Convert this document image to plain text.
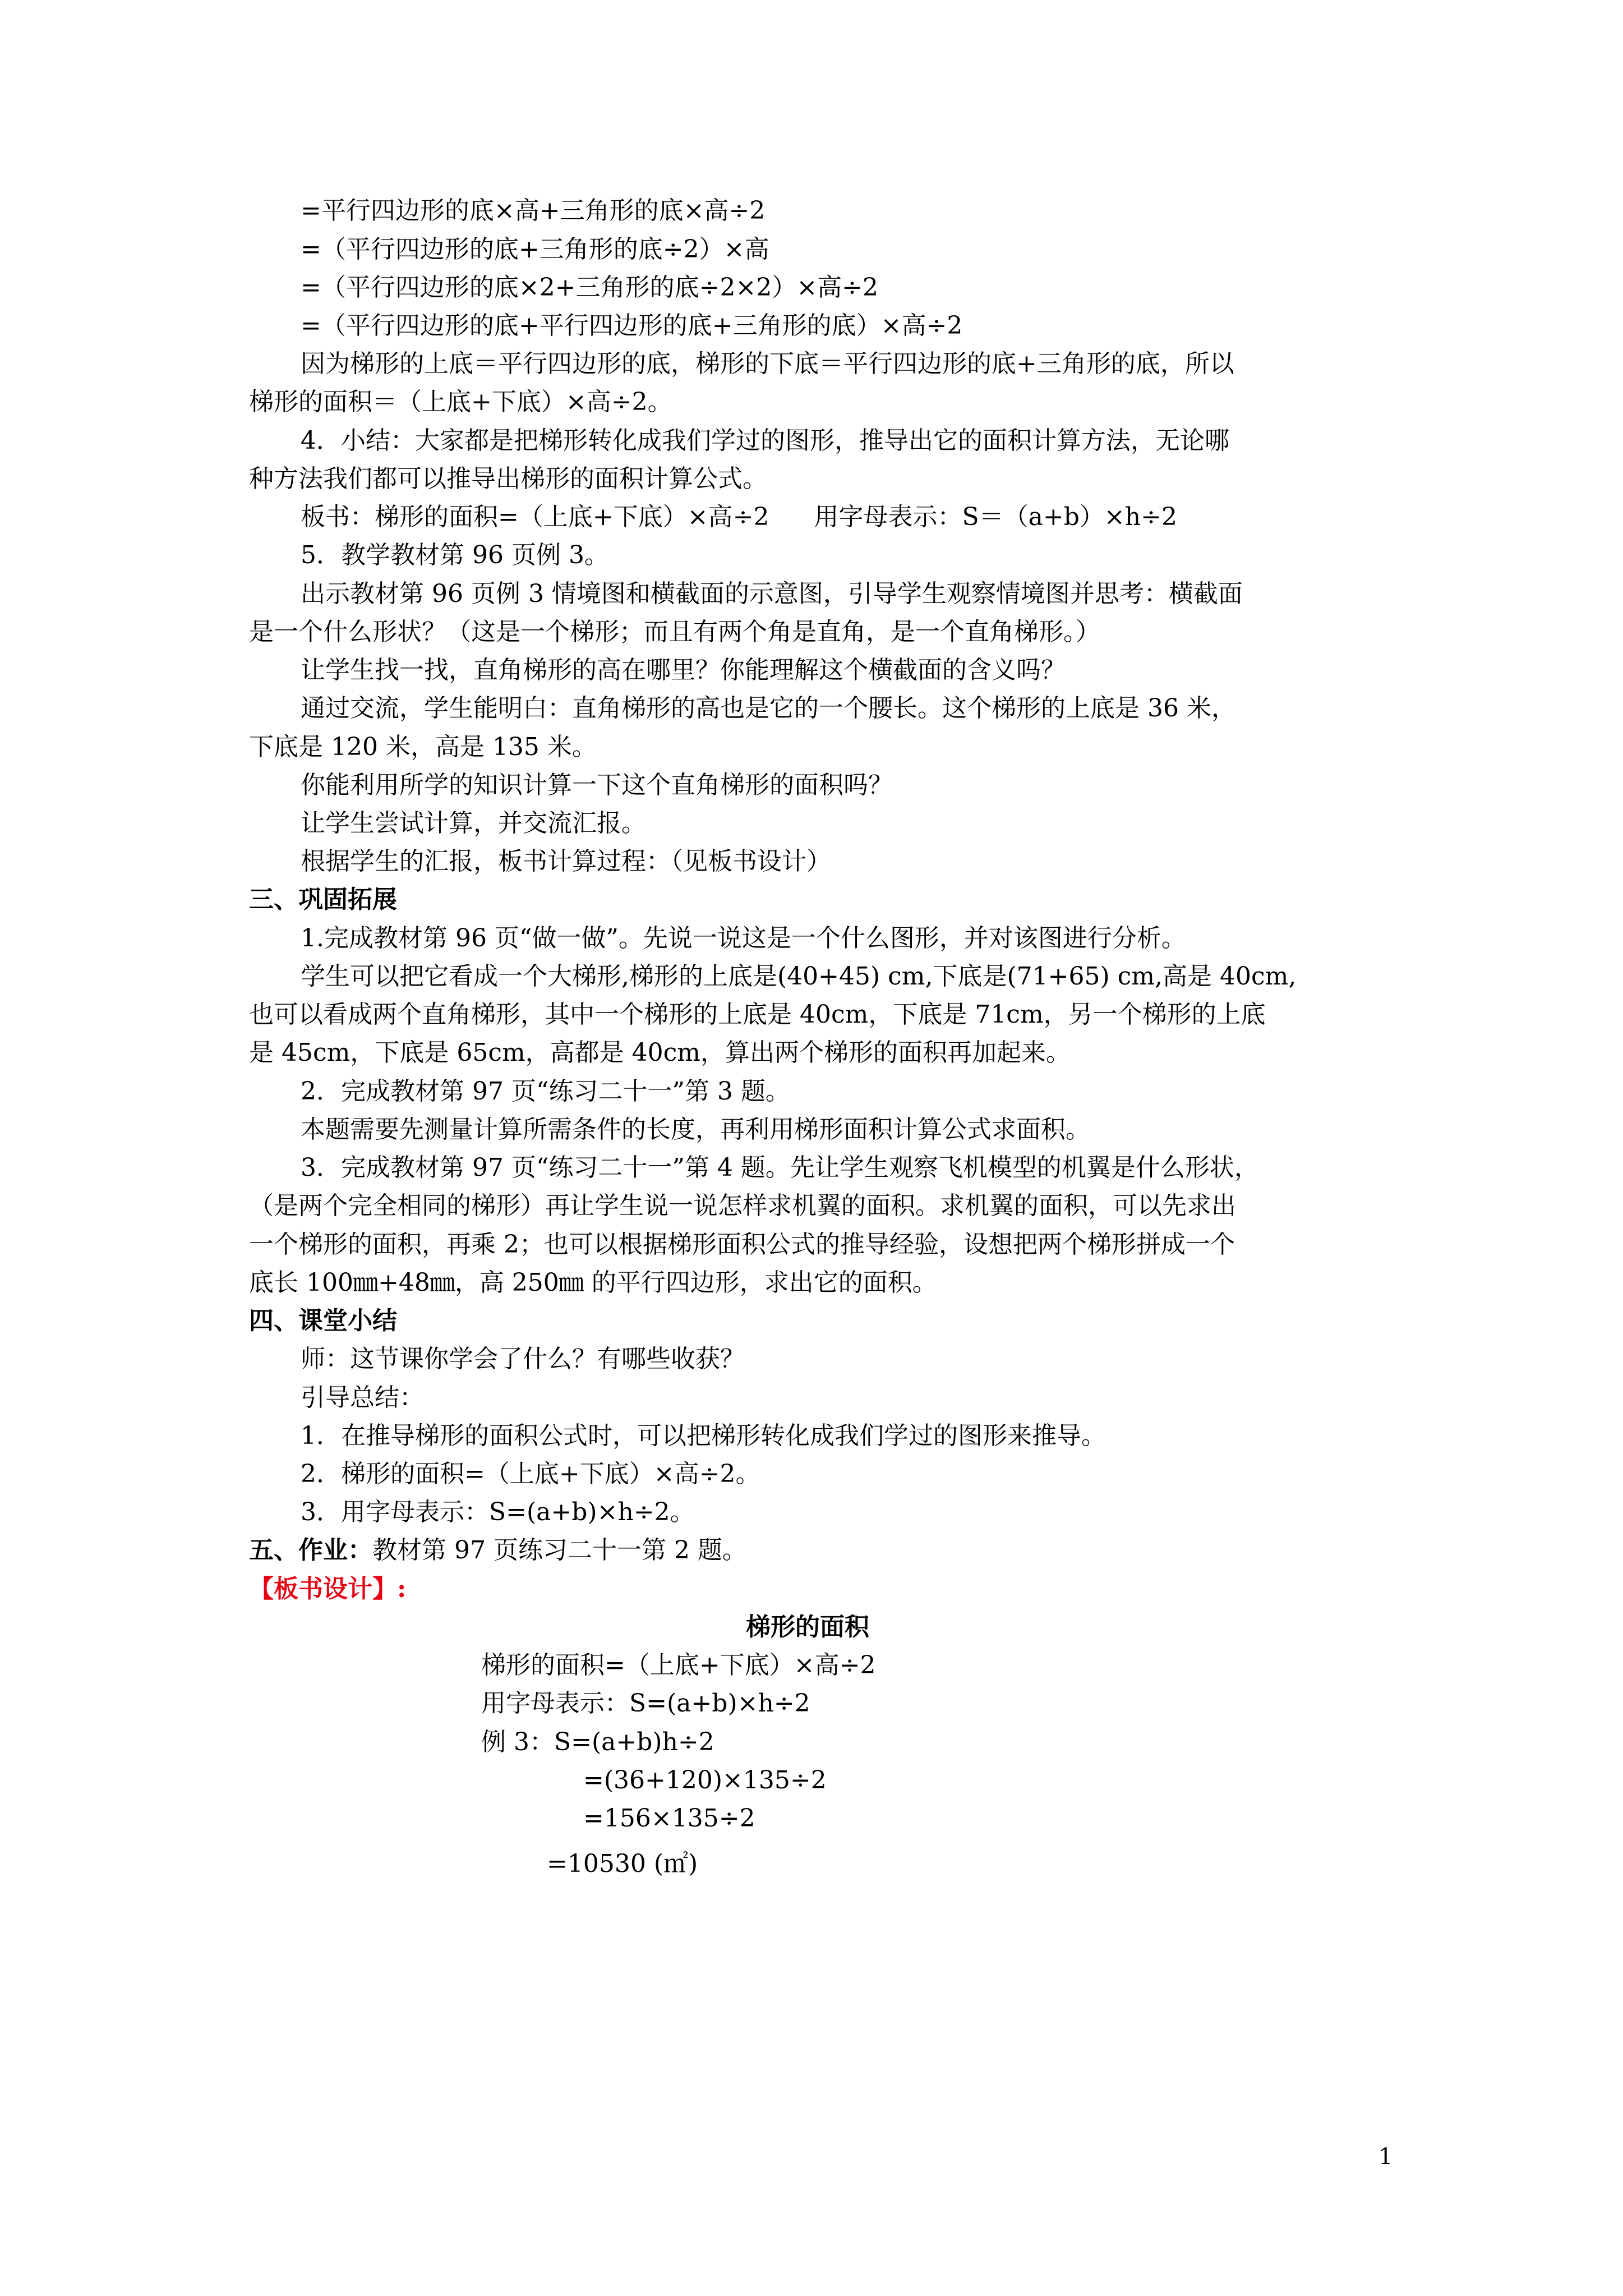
=平行四边形的底×高+三角形的底×高÷2
=（平行四边形的底+三角形的底÷2）×高
=（平行四边形的底×2+三角形的底÷2×2）×高÷2
=（平行四边形的底+平行四边形的底+三角形的底）×高÷2
因为梯形的上底＝平行四边形的底，梯形的下底＝平行四边形的底+三角形的底，所以
梯形的面积＝（上底+下底）×高÷2。
4．小结：大家都是把梯形转化成我们学过的图形，推导出它的面积计算方法，无论哪
种方法我们都可以推导出梯形的面积计算公式。
板书：梯形的面积=（上底+下底）×高÷2 用字母表示：S＝（a+b）×h÷2
5．教学教材第 96 页例 3。
出示教材第 96 页例 3 情境图和横截面的示意图，引导学生观察情境图并思考：横截面
是一个什么形状？（这是一个梯形；而且有两个角是直角，是一个直角梯形。）
让学生找一找，直角梯形的高在哪里？你能理解这个横截面的含义吗？
通过交流，学生能明白：直角梯形的高也是它的一个腰长。这个梯形的上底是 36 米，
下底是 120 米，高是 135 米。
你能利用所学的知识计算一下这个直角梯形的面积吗？
让学生尝试计算，并交流汇报。
根据学生的汇报，板书计算过程：（见板书设计）
三、巩固拓展
1.完成教材第 96 页“做一做”。先说一说这是一个什么图形，并对该图进行分析。
学生可以把它看成一个大梯形,梯形的上底是(40+45) cm,下底是(71+65) cm,高是 40cm,
也可以看成两个直角梯形，其中一个梯形的上底是 40cm，下底是 71cm，另一个梯形的上底
是 45cm，下底是 65cm，高都是 40cm，算出两个梯形的面积再加起来。
2．完成教材第 97 页“练习二十一”第 3 题。
本题需要先测量计算所需条件的长度，再利用梯形面积计算公式求面积。
3．完成教材第 97 页“练习二十一”第 4 题。先让学生观察飞机模型的机翼是什么形状，
（是两个完全相同的梯形）再让学生说一说怎样求机翼的面积。求机翼的面积，可以先求出
一个梯形的面积，再乘 2；也可以根据梯形面积公式的推导经验，设想把两个梯形拼成一个
底长 100㎜+48㎜，高 250㎜ 的平行四边形，求出它的面积。
四、课堂小结
师：这节课你学会了什么？有哪些收获？
引导总结：
1．在推导梯形的面积公式时，可以把梯形转化成我们学过的图形来推导。
2．梯形的面积=（上底+下底）×高÷2。
3．用字母表示：S=(a+b)×h÷2。
五、作业：教材第 97 页练习二十一第 2 题。
【板书设计】:
梯形的面积
梯形的面积=（上底+下底）×高÷2
用字母表示：S=(a+b)×h÷2
例 3：S=(a+b)h÷2
=(36+120)×135÷2
=156×135÷2
=10530 (㎡)
1
